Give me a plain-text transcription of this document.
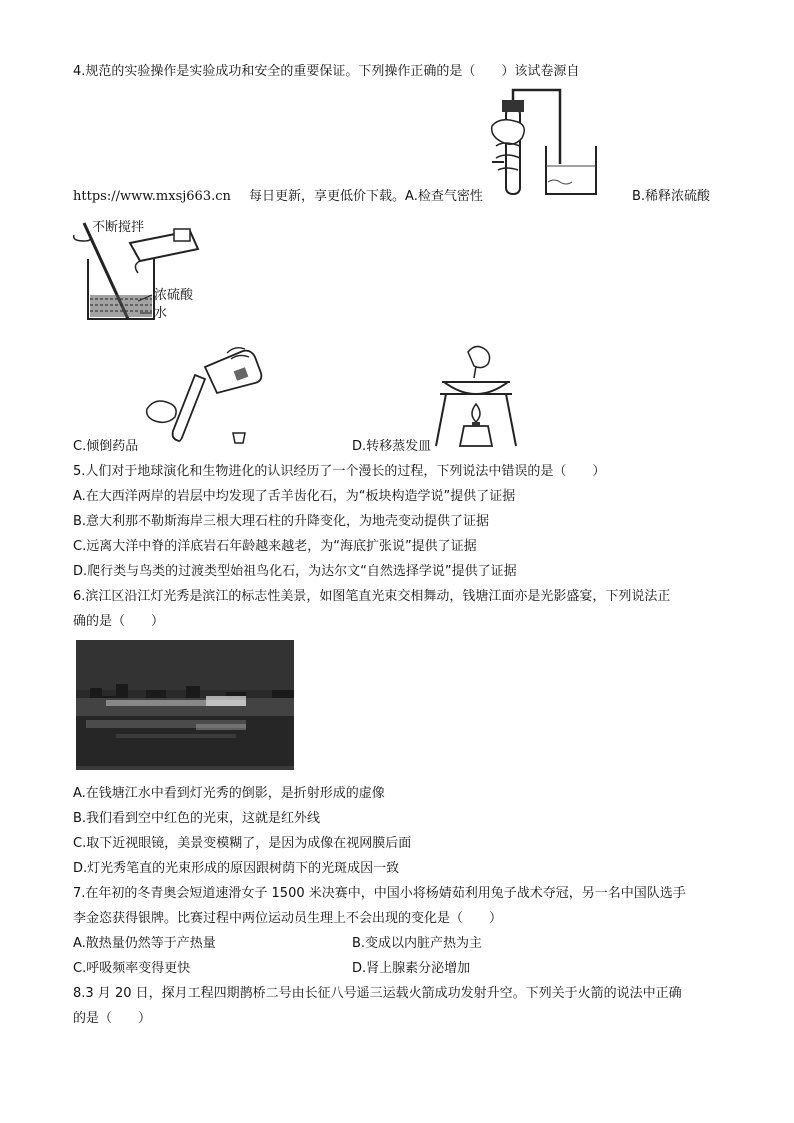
4.规范的实验操作是实验成功和安全的重要保证。下列操作正确的是（　　）该试卷源自
https://www.mxsj663.cn 每日更新，享更低价下载。A.检查气密性	B.稀释浓硫酸
不断搅拌
浓硫酸
水
C.倾倒药品	D.转移蒸发皿
5.人们对于地球演化和生物进化的认识经历了一个漫长的过程，下列说法中错误的是（　　）
A.在大西洋两岸的岩层中均发现了舌羊齿化石，为“板块构造学说”提供了证据
B.意大利那不勒斯海岸三根大理石柱的升降变化，为地壳变动提供了证据
C.远离大洋中脊的洋底岩石年龄越来越老，为“海底扩张说”提供了证据
D.爬行类与鸟类的过渡类型始祖鸟化石，为达尔文“自然选择学说”提供了证据
6.滨江区沿江灯光秀是滨江的标志性美景，如图笔直光束交相舞动，钱塘江面亦是光影盛宴，下列说法正
确的是（　　）
A.在钱塘江水中看到灯光秀的倒影，是折射形成的虚像
B.我们看到空中红色的光束，这就是红外线
C.取下近视眼镜，美景变模糊了，是因为成像在视网膜后面
D.灯光秀笔直的光束形成的原因跟树荫下的光斑成因一致
7.在年初的冬青奥会短道速滑女子 1500 米决赛中，中国小将杨婧茹利用兔子战术夺冠，另一名中国队选手
李金恣获得银牌。比赛过程中两位运动员生理上不会出现的变化是（　　）
A.散热量仍然等于产热量	B.变成以内脏产热为主
C.呼吸频率变得更快	D.肾上腺素分泌增加
8.3 月 20 日，探月工程四期鹊桥二号由长征八号遥三运载火箭成功发射升空。下列关于火箭的说法中正确
的是（　　）
